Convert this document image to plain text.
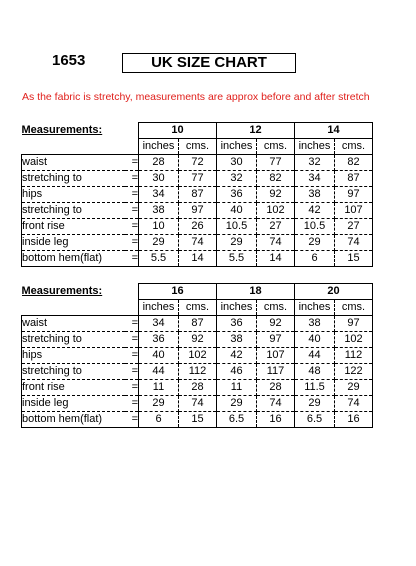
1653	UK SIZE CHART
As the fabric is stretchy, measurements are approx before and after stretch
Measurements:		10		12		14	
		inches	cms.	inches	cms.	inches	cms.
waist	=	28	72	30	77	32	82
stretching to	=	30	77	32	82	34	87
hips	=	34	87	36	92	38	97
stretching to	=	38	97	40	102	42	107
front rise	=	10	26	10.5	27	10.5	27
inside leg	=	29	74	29	74	29	74
bottom hem(flat)	=	5.5	14	5.5	14	6	15
Measurements:		16		18		20	
		inches	cms.	inches	cms.	inches	cms.
waist	=	34	87	36	92	38	97
stretching to	=	36	92	38	97	40	102
hips	=	40	102	42	107	44	112
stretching to	=	44	112	46	117	48	122
front rise	=	11	28	11	28	11.5	29
inside leg	=	29	74	29	74	29	74
bottom hem(flat)	=	6	15	6.5	16	6.5	16
